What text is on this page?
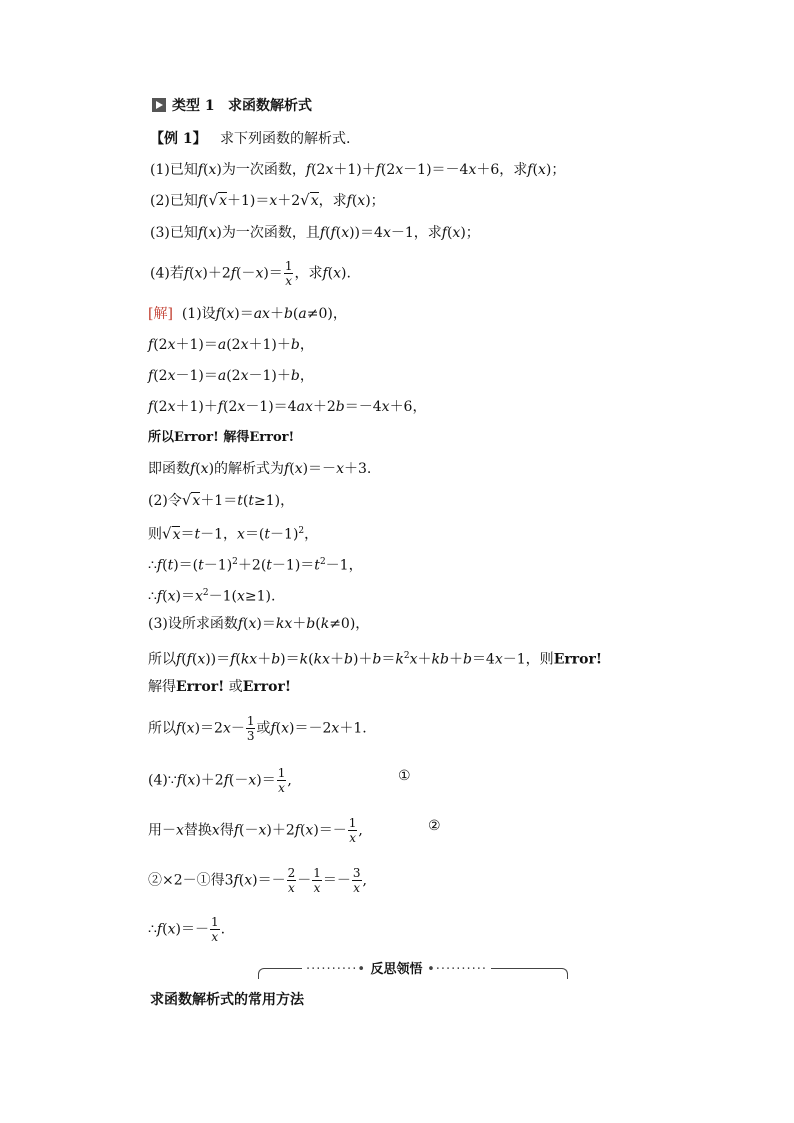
类型 1 求函数解析式
【例 1】 求下列函数的解析式.
(1)已知f(x)为一次函数，f(2x＋1)＋f(2x－1)＝－4x＋6，求f(x)；
(2)已知f(√x＋1)＝x＋2√x，求f(x)；
(3)已知f(x)为一次函数，且f(f(x))＝4x－1，求f(x)；
(4)若$f(x)+2f(-x)= \frac{1}{x}$ ，求f(x).
[解]  (1)设f(x)＝ax＋b(a≠0)，
f(2x＋1)＝a(2x＋1)＋b，
f(2x－1)＝a(2x－1)＋b，
f(2x＋1)＋f(2x－1)＝4ax＋2b＝－4x＋6，
所以Error! 解得Error!
即函数f(x)的解析式为f(x)＝－x＋3.
(2)令√x＋1＝t(t≥1)，
则√x＝t－1，$x=(t-1)^2$，
$\therefore f(t)=(t-1)^2+2(t-1)=t^2-1$，
$\therefore f(x)=x^2-1(x\ge 1)$.
(3)设所求函数f(x)＝kx＋b(k≠0)，
所以$f(f(x))=f(kx+b)=k(kx+b)+b=k^2x+kb+b=4x-1$，则Error!
解得Error! 或Error!
所以$f(x)=2x- \frac{1}{3}$ 或f(x)＝－2x＋1.
(4)∵f(x)＋2f(－x)＝ $\frac{1}{x}$ ,	①
用－x替换x得$f(-x)+2f(x)=- \frac{1}{x}$ ,	②
②×2－①得$3f(x)=- \frac{2}{x} - \frac{1}{x} =- \frac{3}{x}$ ,
∴f(x)＝－ $\frac{1}{x}$ .
··········• 反思领悟 •··········
求函数解析式的常用方法
